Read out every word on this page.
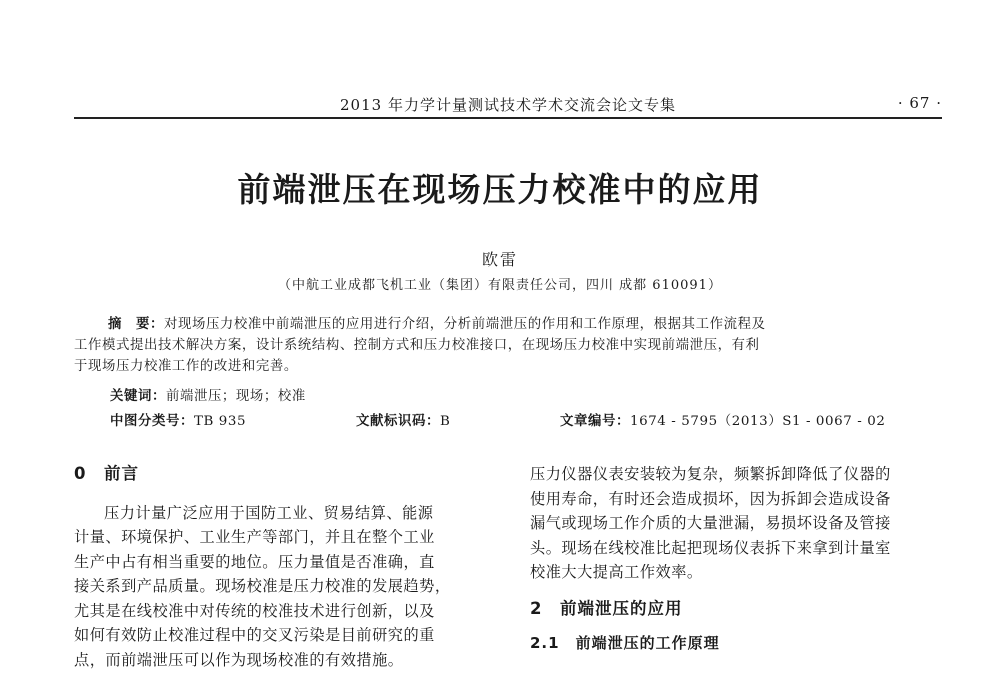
2013 年力学计量测试技术学术交流会论文专集	· 67 ·
前端泄压在现场压力校准中的应用
欧雷
（中航工业成都飞机工业（集团）有限责任公司，四川 成都 610091）
摘　要：对现场压力校准中前端泄压的应用进行介绍，分析前端泄压的作用和工作原理，根据其工作流程及
工作模式提出技术解决方案，设计系统结构、控制方式和压力校准接口，在现场压力校准中实现前端泄压，有利
于现场压力校准工作的改进和完善。
关键词：前端泄压；现场；校准
中图分类号：TB 935	文献标识码：B	文章编号：1674 - 5795（2013）S1 - 0067 - 02
0　前言
压力计量广泛应用于国防工业、贸易结算、能源
计量、环境保护、工业生产等部门，并且在整个工业
生产中占有相当重要的地位。压力量值是否准确，直
接关系到产品质量。现场校准是压力校准的发展趋势，
尤其是在线校准中对传统的校准技术进行创新，以及
如何有效防止校准过程中的交叉污染是目前研究的重
点，而前端泄压可以作为现场校准的有效措施。
压力仪器仪表安装较为复杂，频繁拆卸降低了仪器的
使用寿命，有时还会造成损坏，因为拆卸会造成设备
漏气或现场工作介质的大量泄漏，易损坏设备及管接
头。现场在线校准比起把现场仪表拆下来拿到计量室
校准大大提高工作效率。
2　前端泄压的应用
2.1　前端泄压的工作原理
